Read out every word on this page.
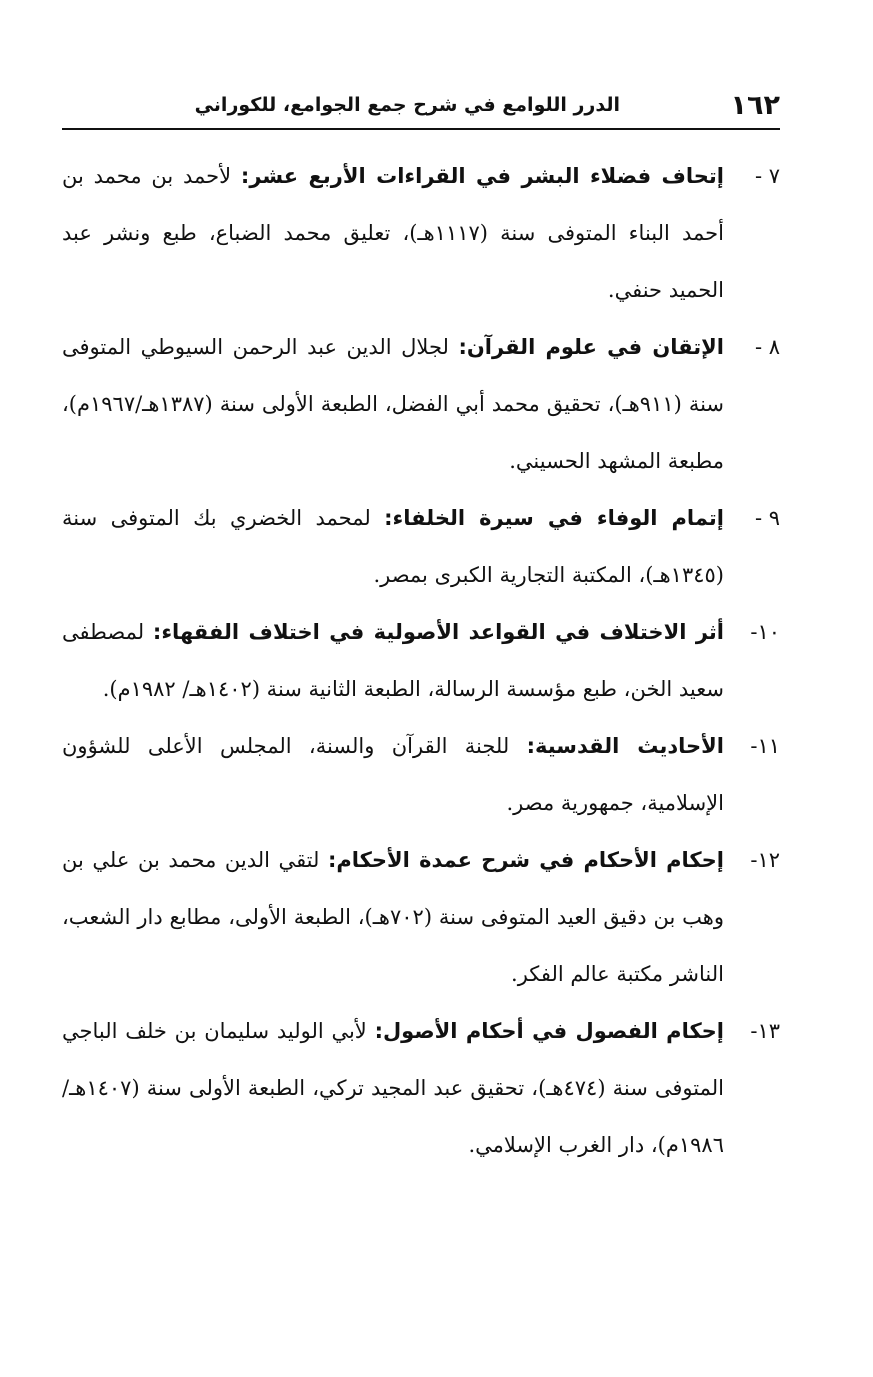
١٦٢
الدرر اللوامع في شرح جمع الجوامع، للكوراني
٧ -
إتحاف فضلاء البشر في القراءات الأربع عشر: لأحمد بن محمد بن أحمد البناء المتوفى سنة (١١١٧هـ)، تعليق محمد الضباع، طبع ونشر عبد الحميد حنفي.
٨ -
الإتقان في علوم القرآن: لجلال الدين عبد الرحمن السيوطي المتوفى سنة (٩١١هـ)، تحقيق محمد أبي الفضل، الطبعة الأولى سنة (١٣٨٧هـ/١٩٦٧م)، مطبعة المشهد الحسيني.
٩ -
إتمام الوفاء في سيرة الخلفاء: لمحمد الخضري بك المتوفى سنة (١٣٤٥هـ)، المكتبة التجارية الكبرى بمصر.
١٠-
أثر الاختلاف في القواعد الأصولية في اختلاف الفقهاء: لمصطفى سعيد الخن، طبع مؤسسة الرسالة، الطبعة الثانية سنة (١٤٠٢هـ/ ١٩٨٢م).
١١-
الأحاديث القدسية: للجنة القرآن والسنة، المجلس الأعلى للشؤون الإسلامية، جمهورية مصر.
١٢-
إحكام الأحكام في شرح عمدة الأحكام: لتقي الدين محمد بن علي بن وهب بن دقيق العيد المتوفى سنة (٧٠٢هـ)، الطبعة الأولى، مطابع دار الشعب، الناشر مكتبة عالم الفكر.
١٣-
إحكام الفصول في أحكام الأصول: لأبي الوليد سليمان بن خلف الباجي المتوفى سنة (٤٧٤هـ)، تحقيق عبد المجيد تركي، الطبعة الأولى سنة (١٤٠٧هـ/١٩٨٦م)، دار الغرب الإسلامي.
